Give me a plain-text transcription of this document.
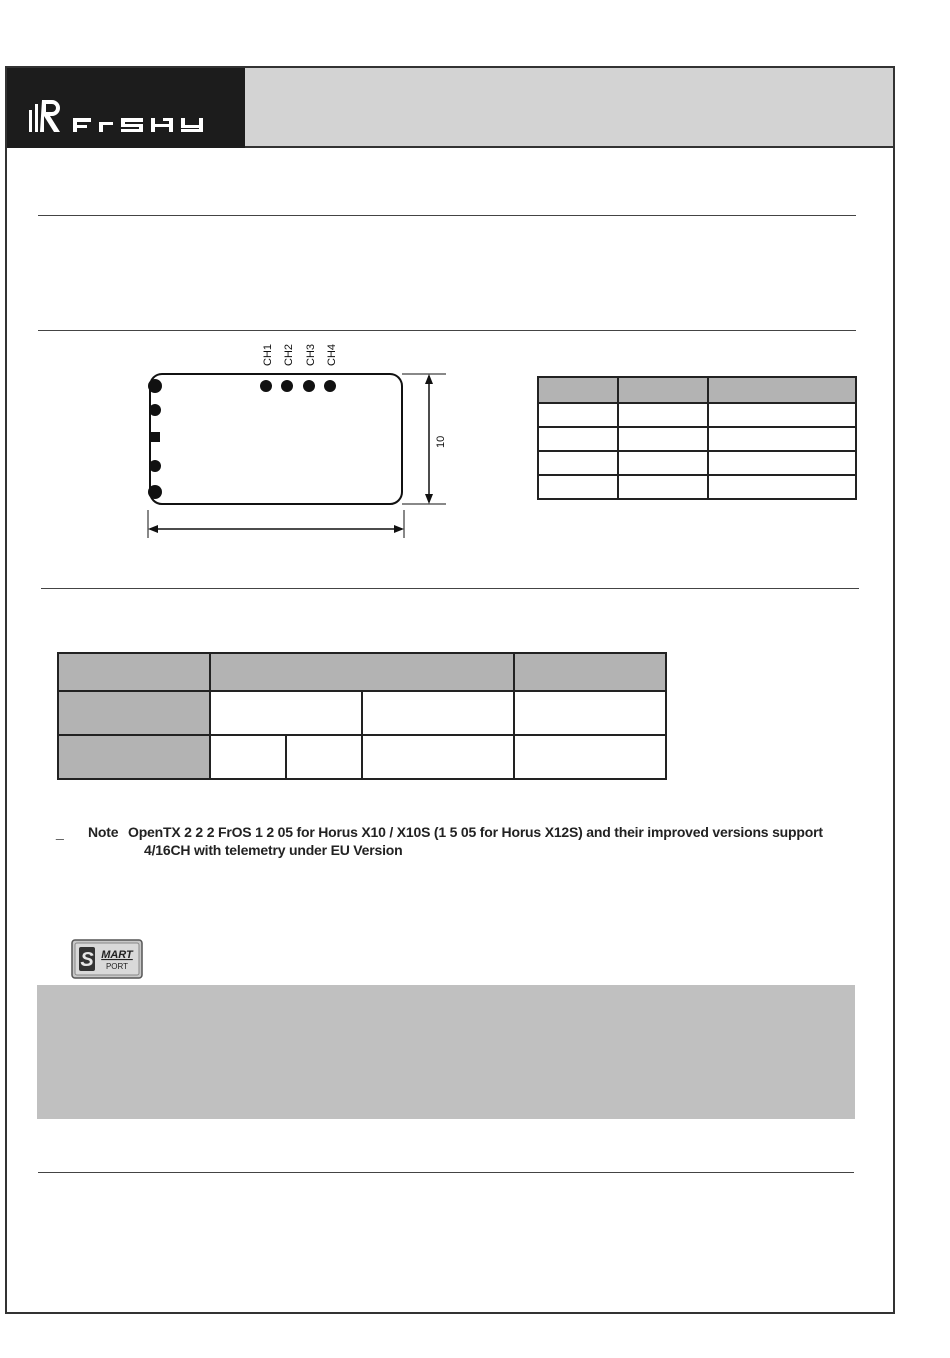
CH1 CH2 CH3 CH4
10

_ Note OpenTX 2 2 2 FrOS 1 2 05 for Horus X10 / X10S (1 5 05 for Horus X12S) and their improved versions support
4/16CH with telemetry under EU Version
S MART
PORT
